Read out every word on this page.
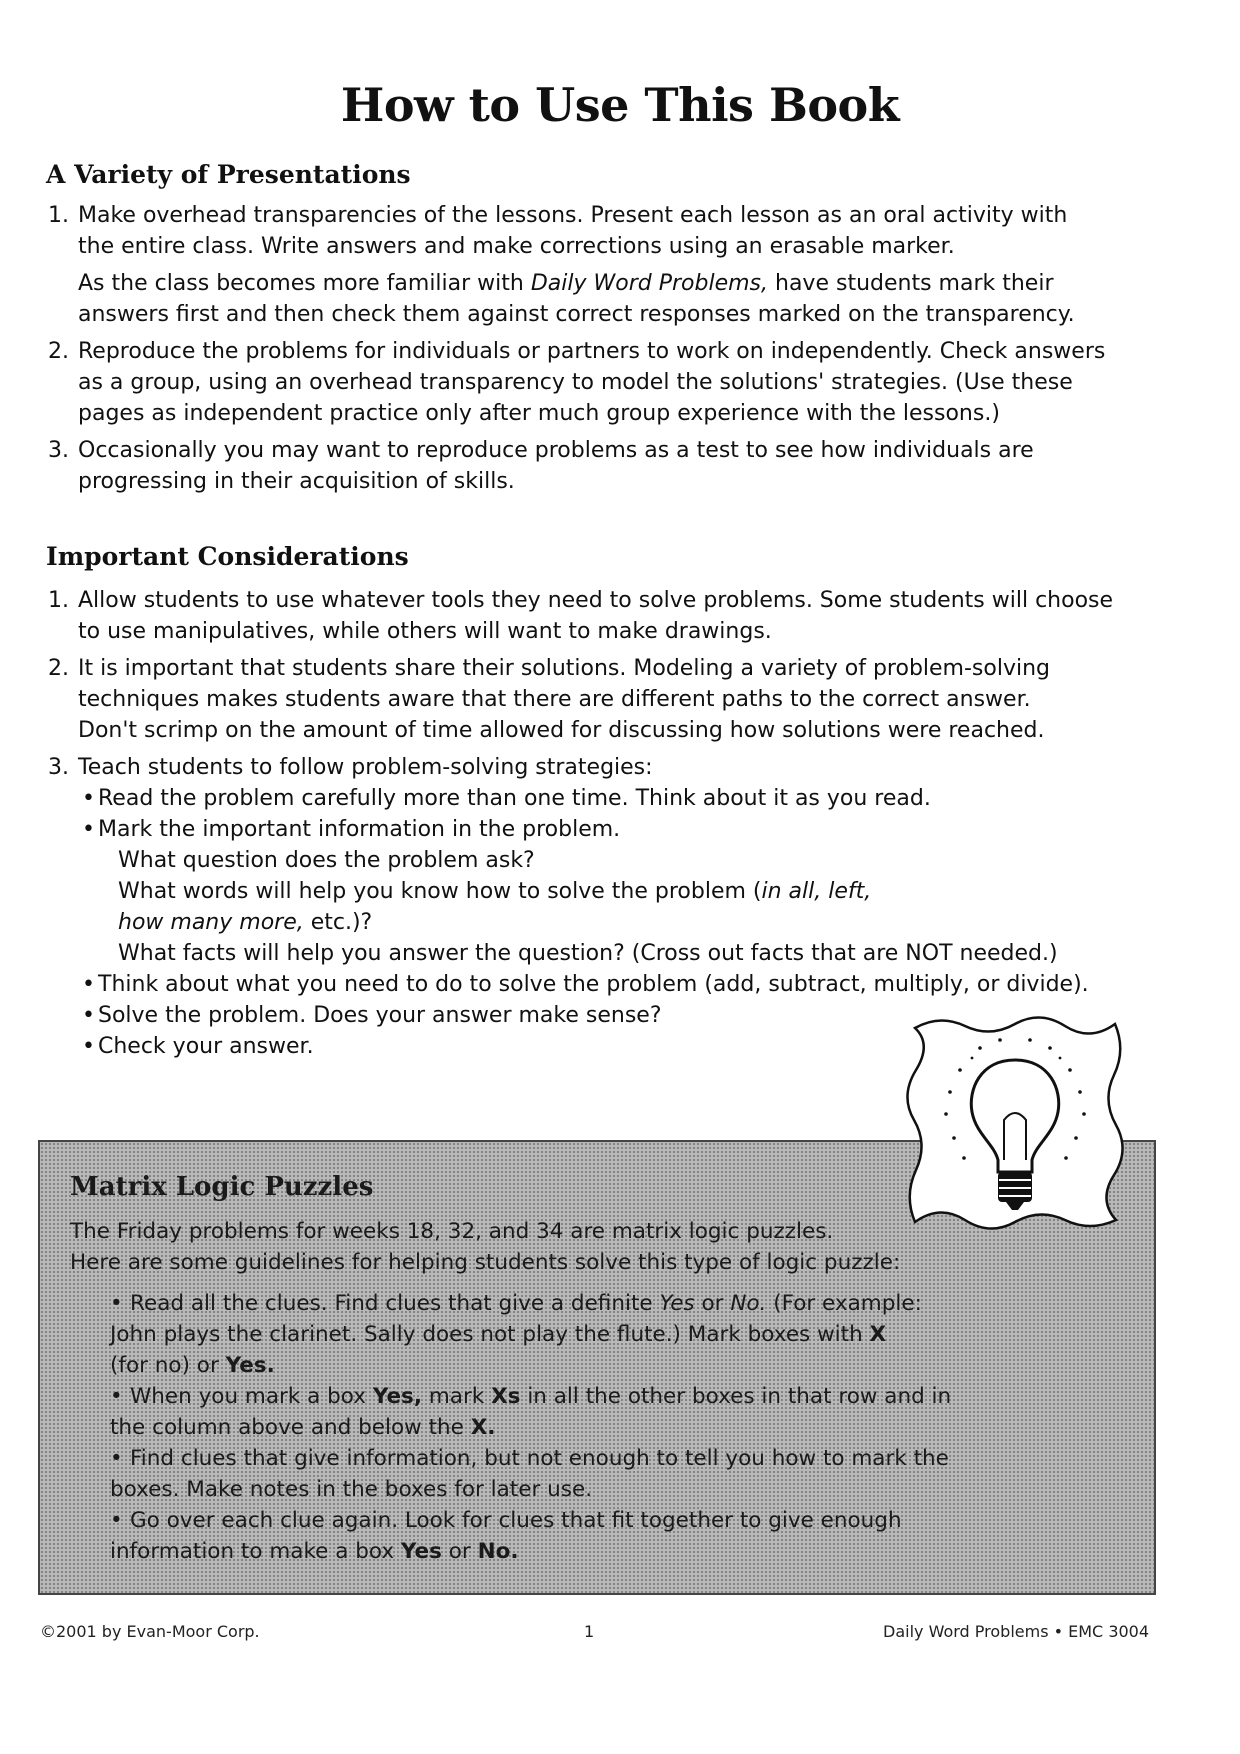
How to Use This Book
A Variety of Presentations
1. Make overhead transparencies of the lessons. Present each lesson as an oral activity with
the entire class. Write answers and make corrections using an erasable marker.

As the class becomes more familiar with Daily Word Problems, have students mark their
answers first and then check them against correct responses marked on the transparency.

2. Reproduce the problems for individuals or partners to work on independently. Check answers
as a group, using an overhead transparency to model the solutions' strategies. (Use these
pages as independent practice only after much group experience with the lessons.)

3. Occasionally you may want to reproduce problems as a test to see how individuals are
progressing in their acquisition of skills.

Important Considerations
1. Allow students to use whatever tools they need to solve problems. Some students will choose
to use manipulatives, while others will want to make drawings.

2. It is important that students share their solutions. Modeling a variety of problem-solving
techniques makes students aware that there are different paths to the correct answer.
Don't scrimp on the amount of time allowed for discussing how solutions were reached.

3. Teach students to follow problem-solving strategies:

• Read the problem carefully more than one time. Think about it as you read.
• Mark the important information in the problem.
What question does the problem ask?
What words will help you know how to solve the problem (in all, left,
how many more, etc.)?
What facts will help you answer the question? (Cross out facts that are NOT needed.)
• Think about what you need to do to solve the problem (add, subtract, multiply, or divide).
• Solve the problem. Does your answer make sense?
• Check your answer.
Matrix Logic Puzzles
The Friday problems for weeks 18, 32, and 34 are matrix logic puzzles.
Here are some guidelines for helping students solve this type of logic puzzle:
• Read all the clues. Find clues that give a definite Yes or No. (For example:
John plays the clarinet. Sally does not play the flute.) Mark boxes with X
(for no) or Yes.
• When you mark a box Yes, mark Xs in all the other boxes in that row and in
the column above and below the X.
• Find clues that give information, but not enough to tell you how to mark the
boxes. Make notes in the boxes for later use.
• Go over each clue again. Look for clues that fit together to give enough
information to make a box Yes or No.

©2001 by Evan-Moor Corp.	1	Daily Word Problems • EMC 3004
